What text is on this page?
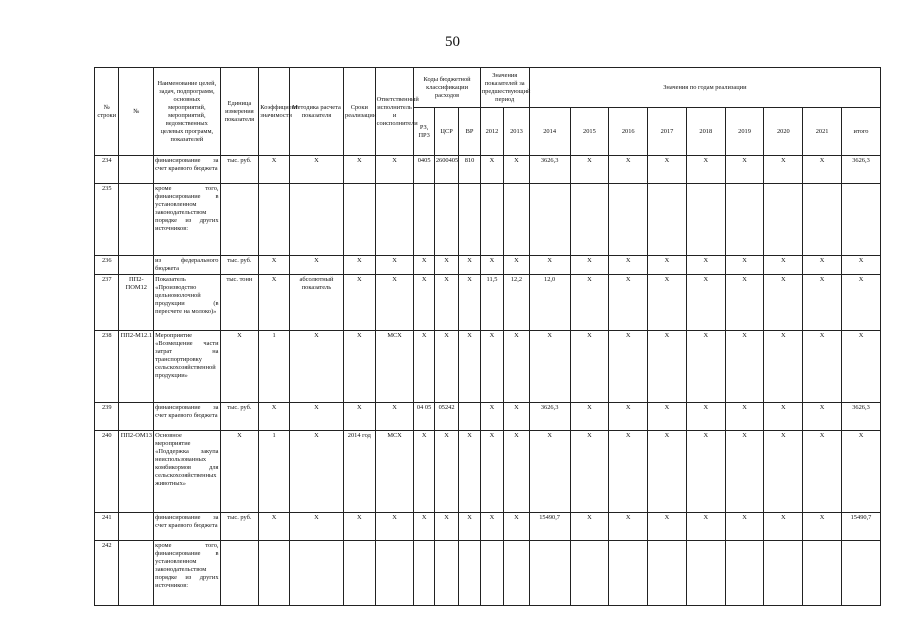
50
№ строки	№	Наименование целей, задач, подпрограмм, основных мероприятий, мероприятий, ведомственных целевых программ, показателей	Единица измерения показателя	Коэффициент значимости	Методика расчета показателя	Сроки реализации	Ответственный исполнитель и соисполнители	Коды бюджетной классификации расходов			Значения показателей за предшествующий период		Значения по годам реализации								
								РЗ, ПР3	ЦСР	ВР	2012	2013	2014	2015	2016	2017	2018	2019	2020	2021	итого
234		финансирование за счет краевого бюджета	тыс. руб.	X	X	X	X	0405	2600405	810	X	X	3626,3	X	X	X	X	X	X	X	3626,3
235		кроме того, финансирование в установленном законодательством порядке из других источников:																			
236		из федерального бюджета	тыс. руб.	X	X	X	X	X	X	X	X	X	X	X	X	X	X	X	X	X	X
237	ПП2-ПОМ12	Показатель «Производство цельномолочной продукции (в пересчете на молоко)»	тыс. тонн	X	абсолютный показатель	X	X	X	X	X	11,5	12,2	12,0	X	X	X	X	X	X	X	X
238	ПП2-М12.1	Мероприятие «Возмещение части затрат на транспортировку сельскохозяйственной продукции»	X	1	X	X	МСХ	X	X	X	X	X	X	X	X	X	X	X	X	X	X
239		финансирование за счет краевого бюджета	тыс. руб.	X	X	X	X	04 05	05242		X	X	3626,3	X	X	X	X	X	X	X	3626,3
240	ПП2-ОМ13	Основное мероприятие «Поддержка закупа неиспользованных комбикормов для сельскохозяйственных животных»	X	1	X	2014 год	МСХ	X	X	X	X	X	X	X	X	X	X	X	X	X	X
241		финансирование за счет краевого бюджета	тыс. руб.	X	X	X	X	X	X	X	X	X	15490,7	X	X	X	X	X	X	X	15490,7
242		кроме того, финансирование в установленном законодательством порядке из других источников:																			
